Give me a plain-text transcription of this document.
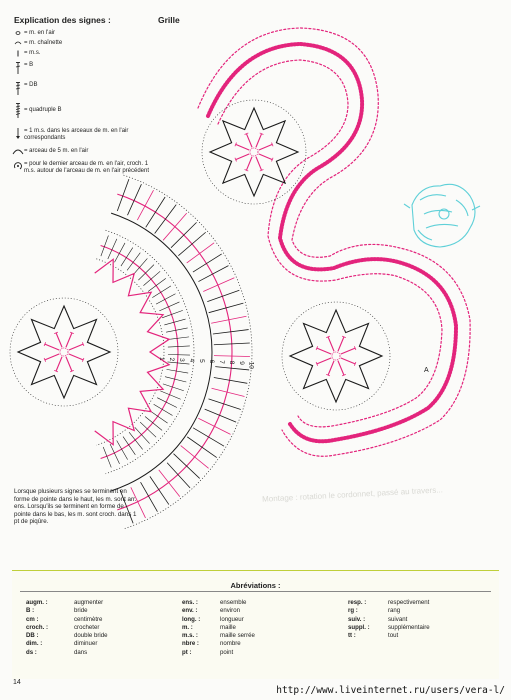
Explication des signes :	Grille
= m. en l'air
= m. chaînette
= m.s.
= B
= DB
= quadruple B
= 1 m.s. dans les arceaux de m. en l'air correspondants
= arceau de 5 m. en l'air
= pour le dernier arceau de m. en l'air, croch. 1 m.s. autour de l'arceau de m. en l'air précédent
1 2 3 4 5 6 7 8 9 10
A
Montage : rotation le cordonnet, passé au travers...
Lorsque plusieurs signes se terminent en forme de pointe dans le haut, les m. sont arr. ens. Lorsqu'ils se terminent en forme de pointe dans le bas, les m. sont croch. dans 1 pt de piqûre.
Abréviations :
augm. :	augmenter
B :	bride
cm :	centimètre
croch. :	crocheter
DB :	double bride
dim. :	diminuer
ds :	dans
ens. :	ensemble
env. :	environ
long. :	longueur
m. :	maille
m.s. :	maille serrée
nbre :	nombre
pt :	point
resp. :	respectivement
rg :	rang
suiv. :	suivant
suppl. :	supplémentaire
tt :	tout
14
http://www.liveinternet.ru/users/vera-l/
